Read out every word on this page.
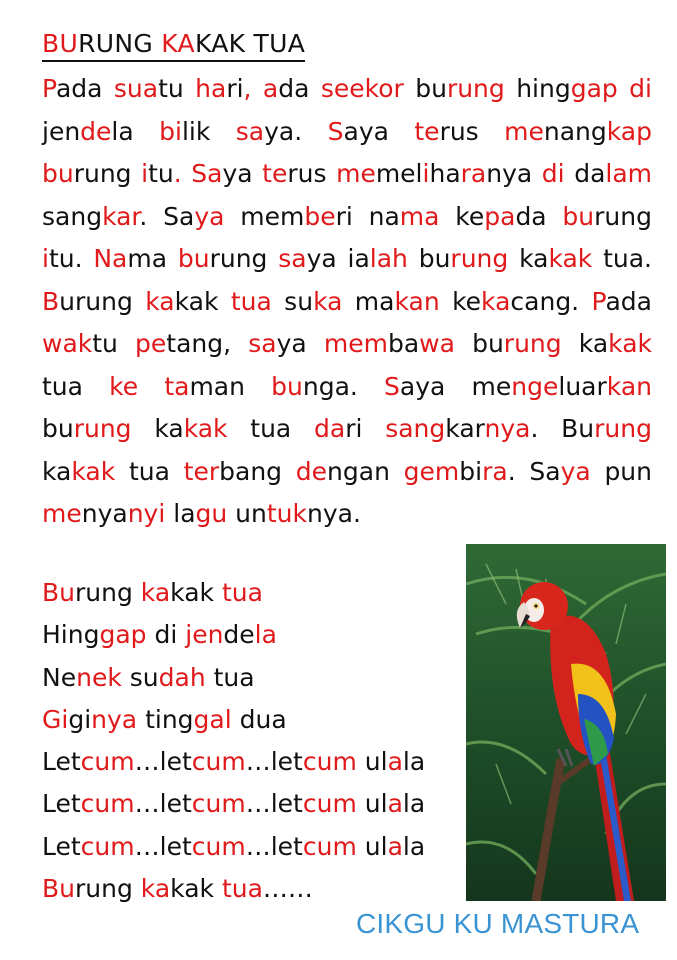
BURUNG KAKAK TUA

Pada suatu hari, ada seekor burung hinggap di jendela bilik saya. Saya terus menangkap burung itu. Saya terus memeliharanya di dalam sangkar. Saya memberi nama kepada burung itu. Nama burung saya ialah burung kakak tua. Burung kakak tua suka makan kekacang. Pada waktu petang, saya membawa burung kakak tua ke taman bunga. Saya mengeluarkan burung kakak tua dari sangkarnya. Burung kakak tua terbang dengan gembira. Saya pun menyanyi lagu untuknya.

Burung kakak tua
Hinggap di jendela
Nenek sudah tua
Giginya tinggal dua
Letcum…letcum…letcum ulala
Letcum…letcum…letcum ulala
Letcum…letcum…letcum ulala
Burung kakak tua……
CIKGU KU MASTURA
